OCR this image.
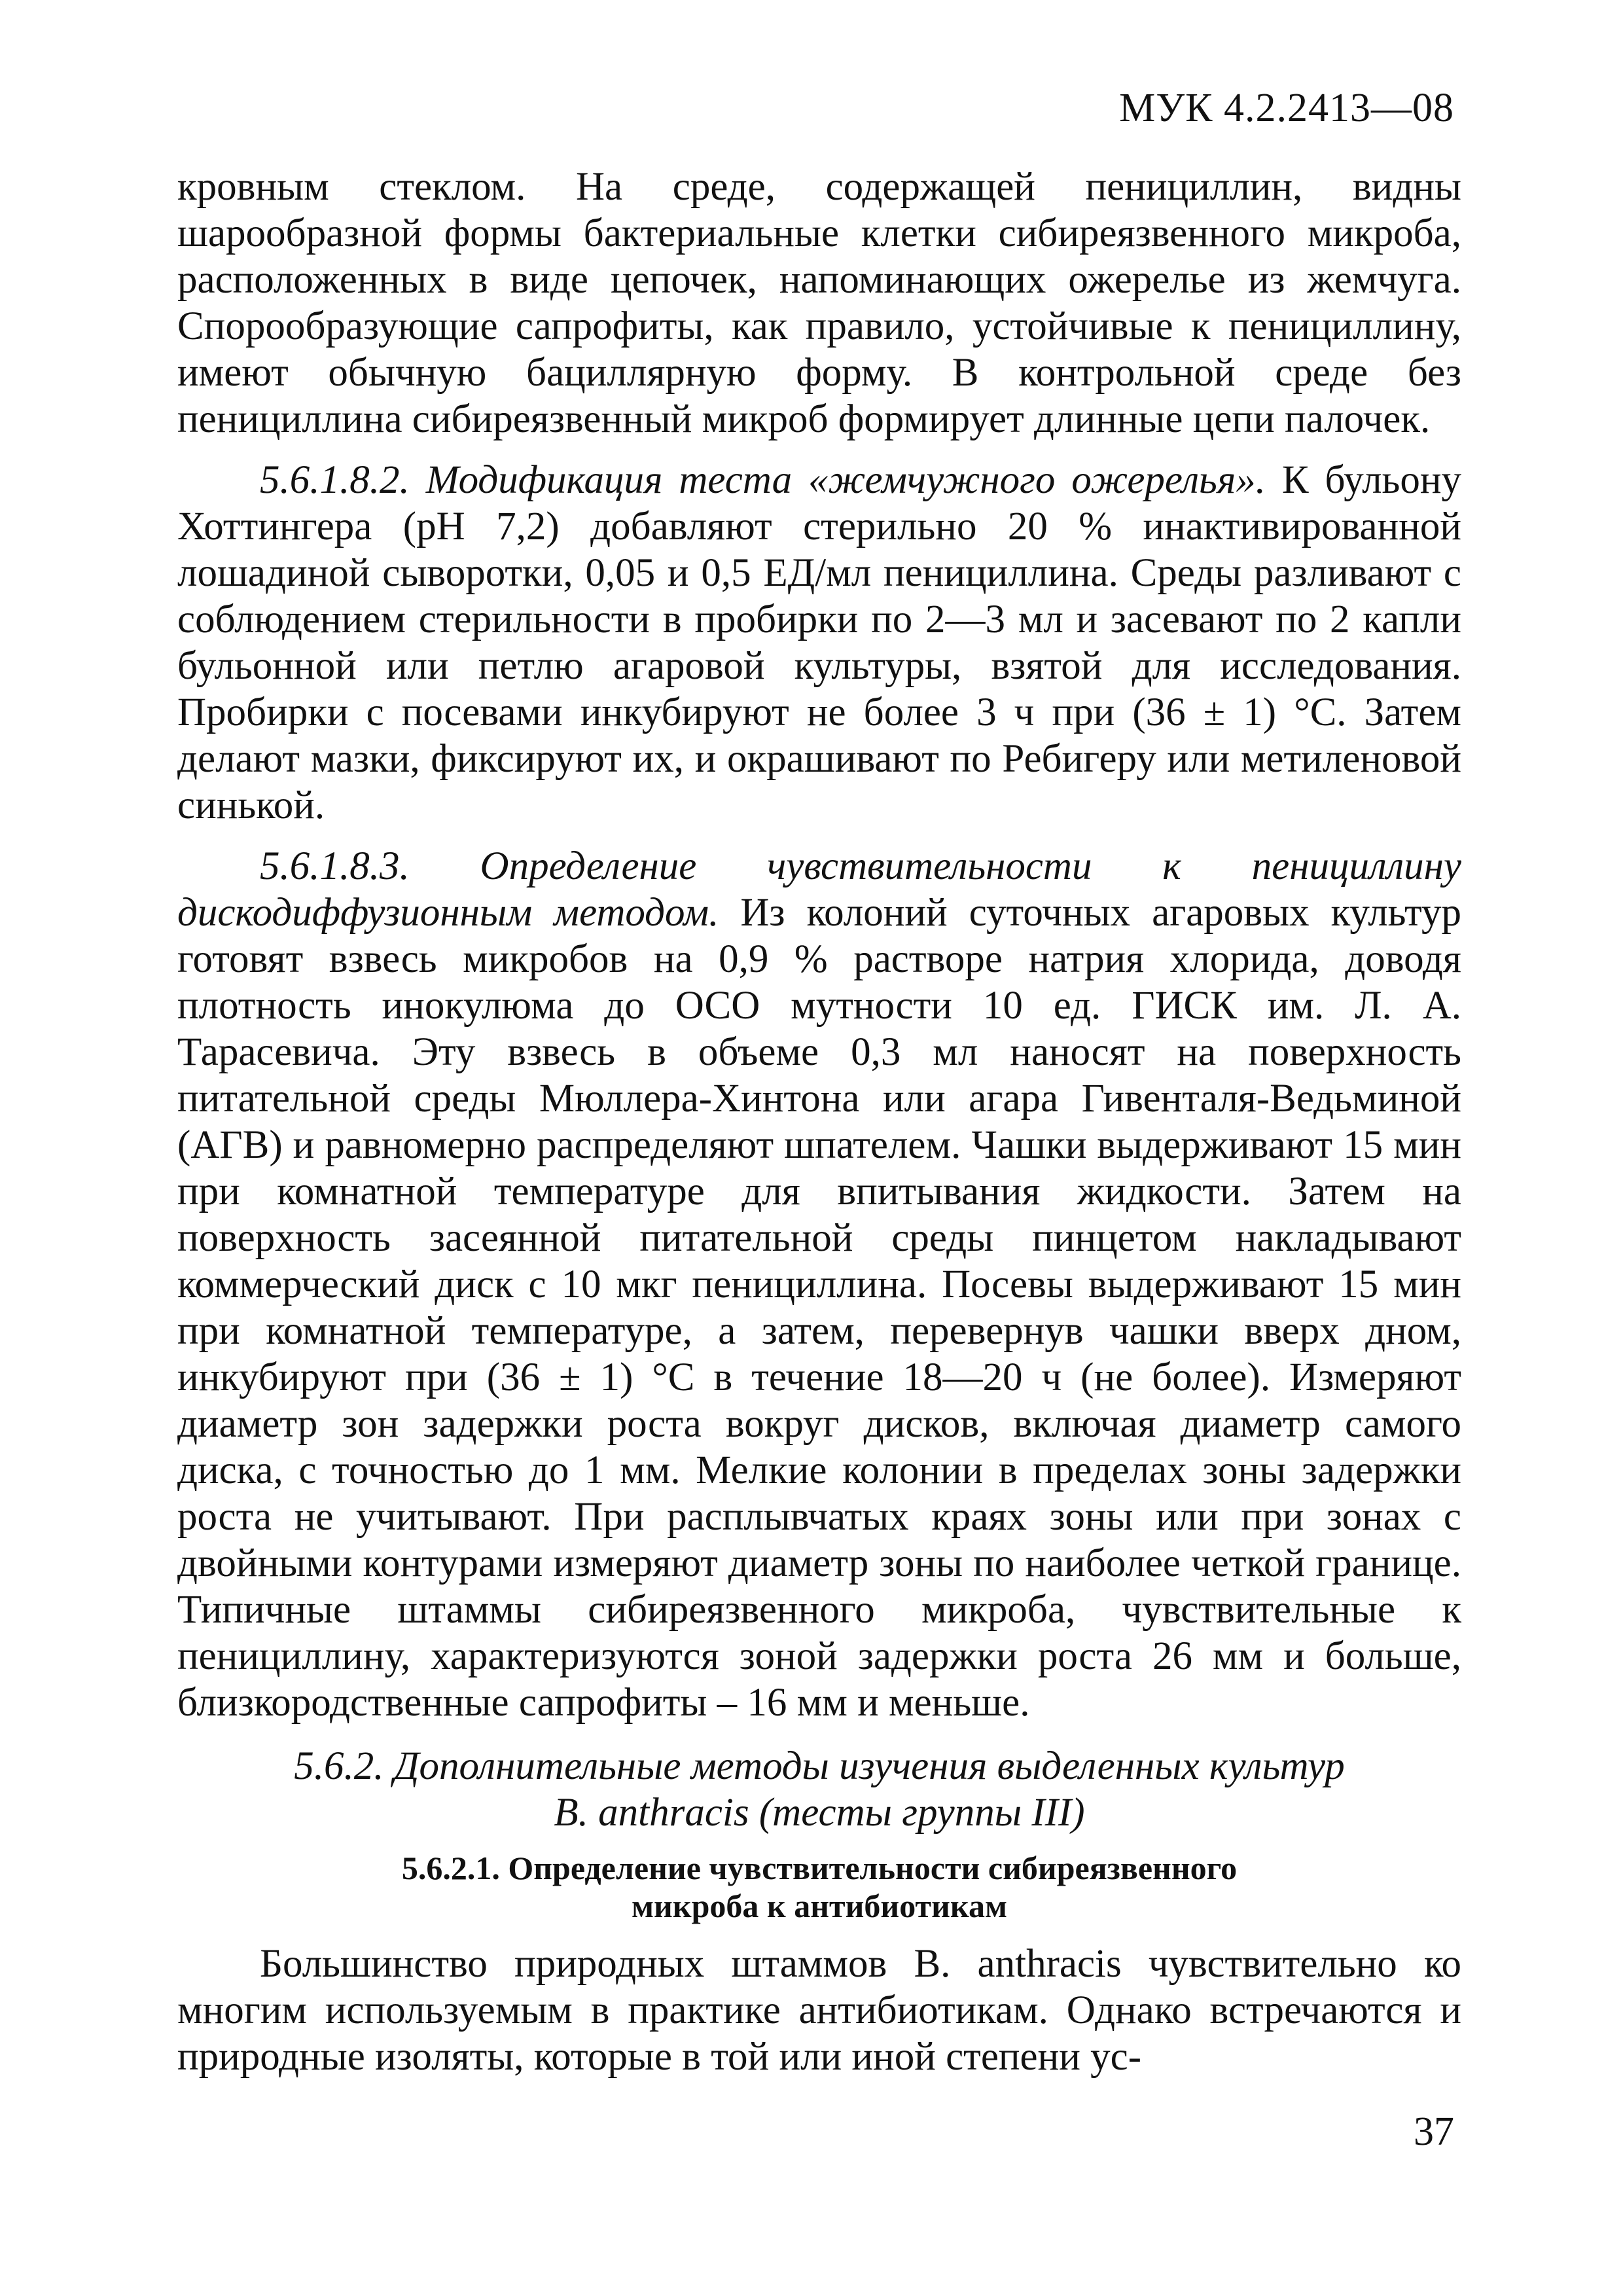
МУК 4.2.2413—08

кровным стеклом. На среде, содержащей пенициллин, видны шарообразной формы бактериальные клетки сибиреязвенного микроба, расположенных в виде цепочек, напоминающих ожерелье из жемчуга. Спорообразующие сапрофиты, как правило, устойчивые к пенициллину, имеют обычную бациллярную форму. В контрольной среде без пенициллина сибиреязвенный микроб формирует длинные цепи палочек.

5.6.1.8.2. Модификация теста «жемчужного ожерелья». К бульону Хоттингера (рН 7,2) добавляют стерильно 20 % инактивированной лошадиной сыворотки, 0,05 и 0,5 ЕД/мл пенициллина. Среды разливают с соблюдением стерильности в пробирки по 2—3 мл и засевают по 2 капли бульонной или петлю агаровой культуры, взятой для исследования. Пробирки с посевами инкубируют не более 3 ч при (36 ± 1) °С. Затем делают мазки, фиксируют их, и окрашивают по Ребигеру или метиленовой синькой.

5.6.1.8.3. Определение чувствительности к пенициллину дискодиффузионным методом. Из колоний суточных агаровых культур готовят взвесь микробов на 0,9 % растворе натрия хлорида, доводя плотность инокулюма до ОСО мутности 10 ед. ГИСК им. Л. А. Тарасевича. Эту взвесь в объеме 0,3 мл наносят на поверхность питательной среды Мюллера-Хинтона или агара Гивенталя-Ведьминой (АГВ) и равномерно распределяют шпателем. Чашки выдерживают 15 мин при комнатной температуре для впитывания жидкости. Затем на поверхность засеянной питательной среды пинцетом накладывают коммерческий диск с 10 мкг пенициллина. Посевы выдерживают 15 мин при комнатной температуре, а затем, перевернув чашки вверх дном, инкубируют при (36 ± 1) °С в течение 18—20 ч (не более). Измеряют диаметр зон задержки роста вокруг дисков, включая диаметр самого диска, с точностью до 1 мм. Мелкие колонии в пределах зоны задержки роста не учитывают. При расплывчатых краях зоны или при зонах с двойными контурами измеряют диаметр зоны по наиболее четкой границе. Типичные штаммы сибиреязвенного микроба, чувствительные к пенициллину, характеризуются зоной задержки роста 26 мм и больше, близкородственные сапрофиты – 16 мм и меньше.

5.6.2. Дополнительные методы изучения выделенных культур
B. anthracis (тесты группы III)

5.6.2.1. Определение чувствительности сибиреязвенного
микроба к антибиотикам

Большинство природных штаммов B. anthracis чувствительно ко многим используемым в практике антибиотикам. Однако встречаются и природные изоляты, которые в той или иной степени ус-

37
